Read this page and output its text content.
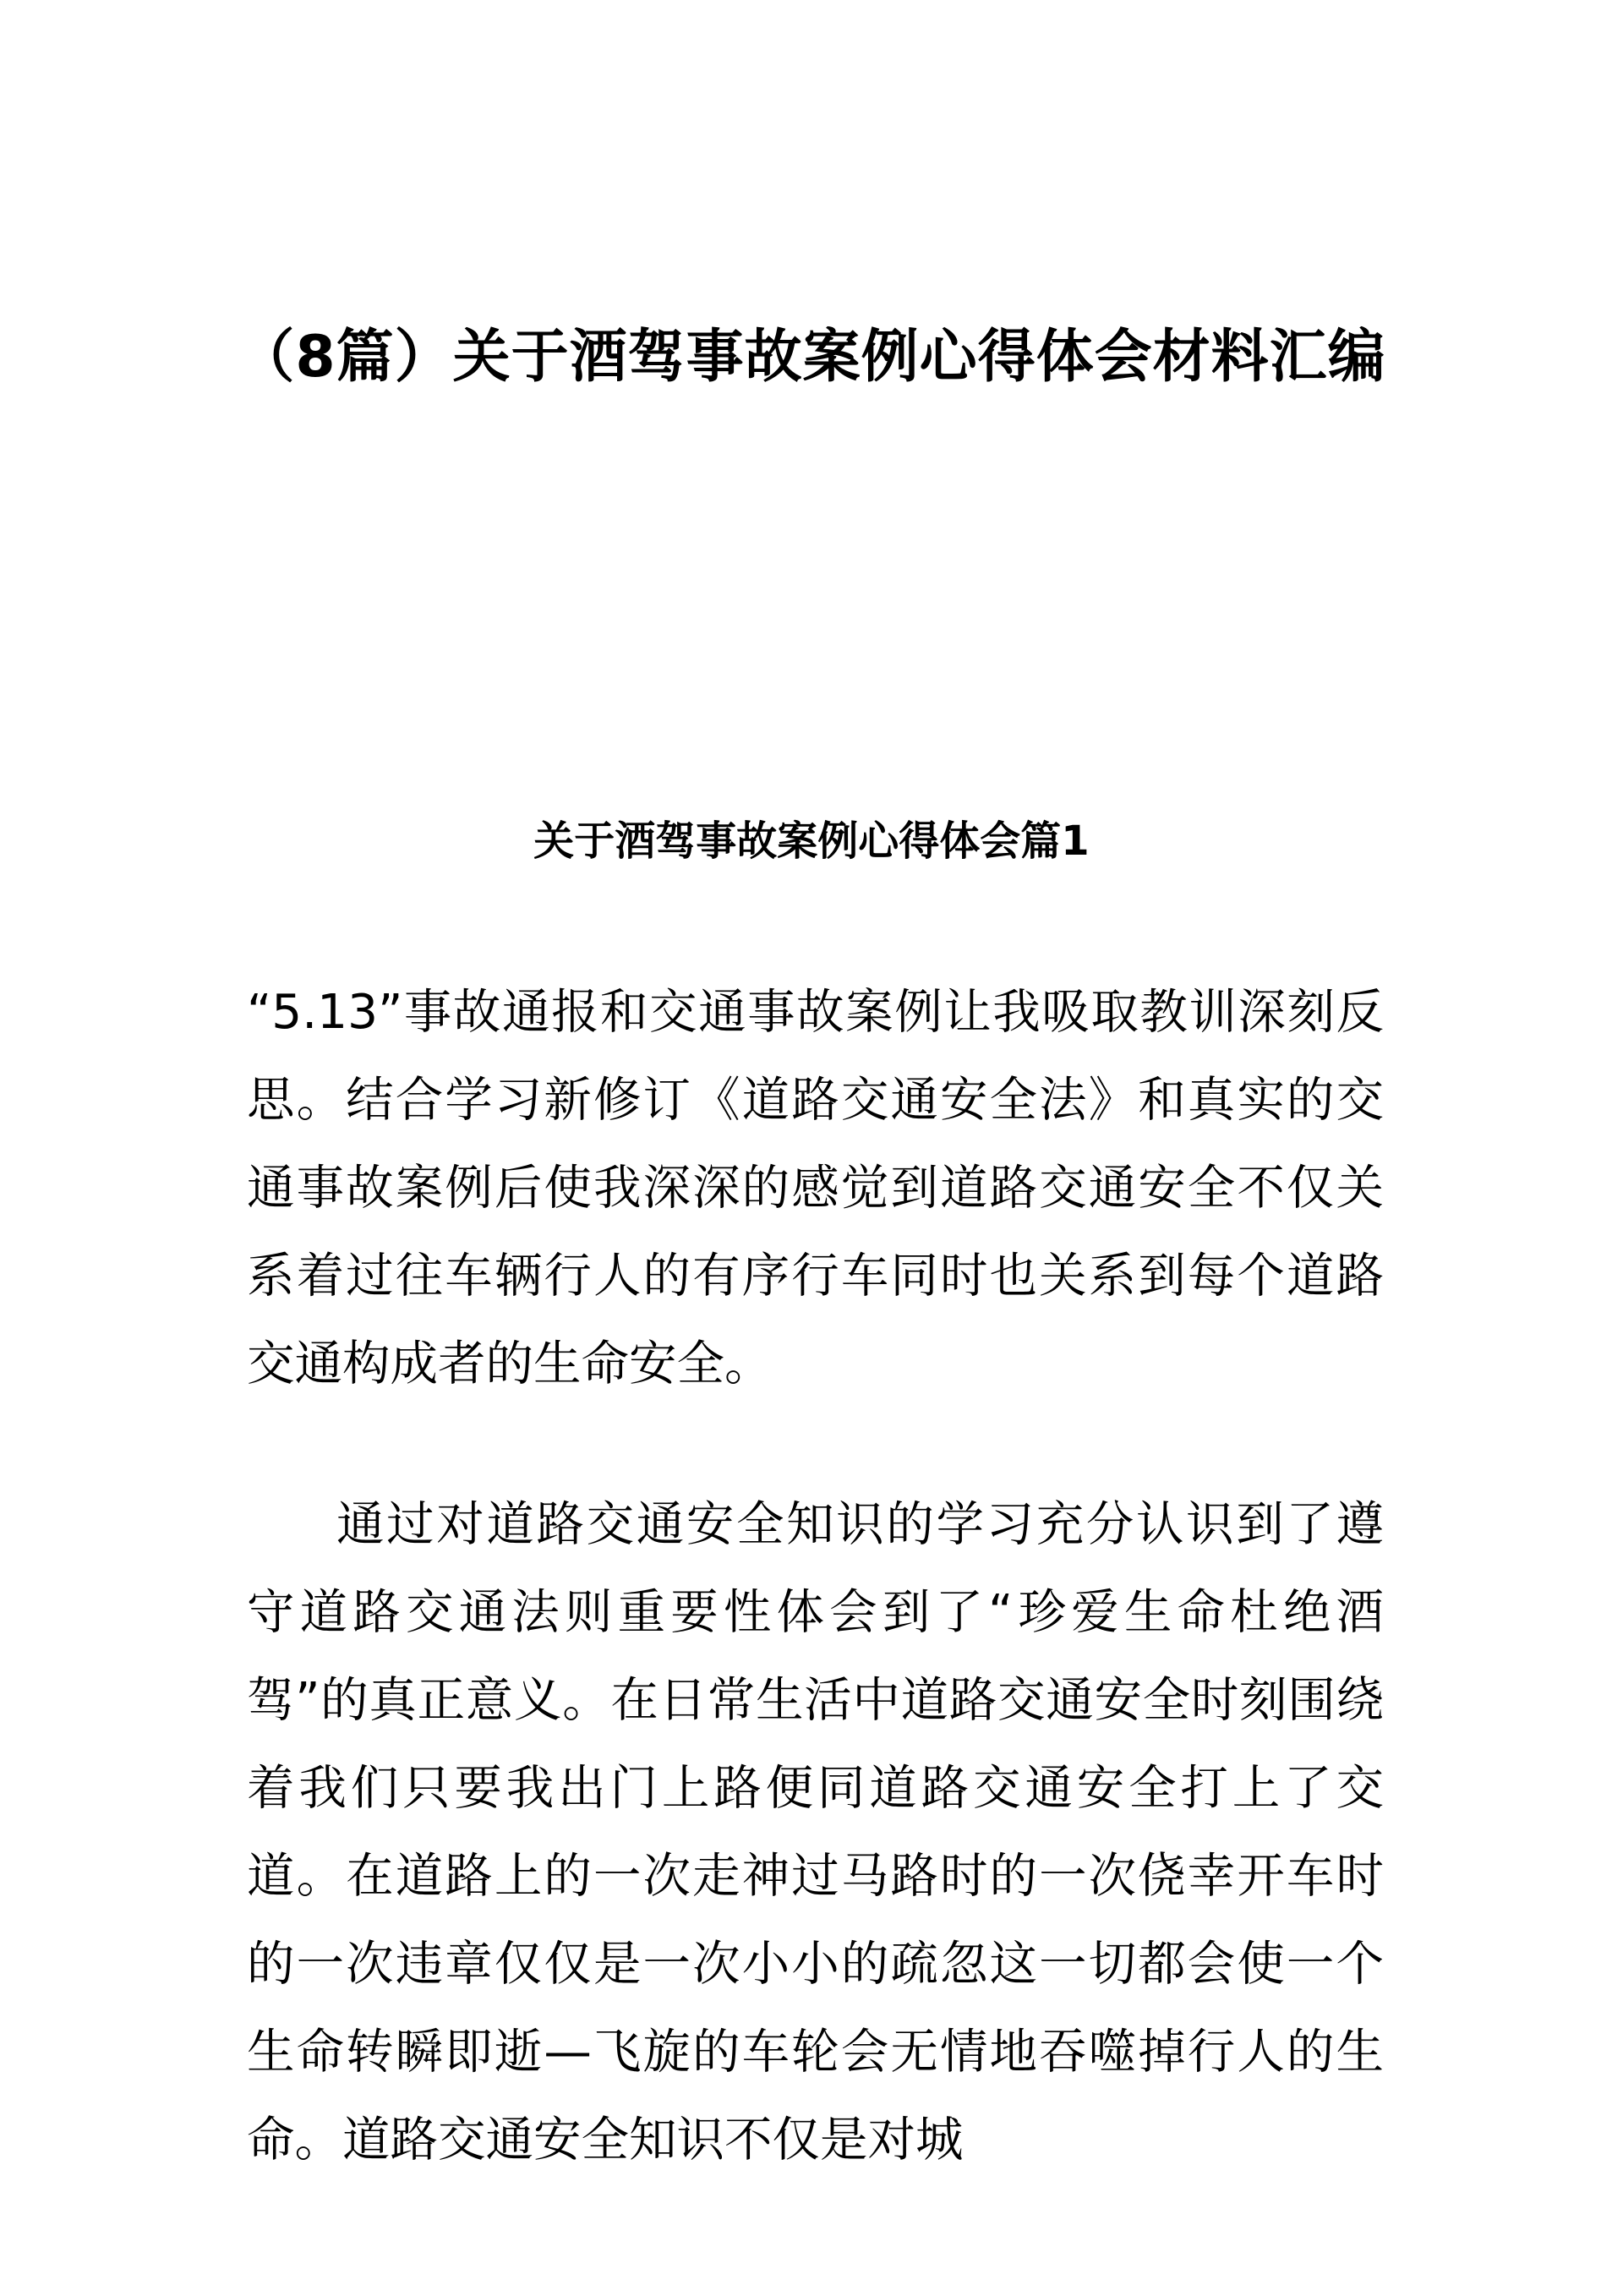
（8篇）关于酒驾事故案例心得体会材料汇编
关于酒驾事故案例心得体会篇1

“5.13”事故通报和交通事故案例让我吸取教训深刻反思。结合学习新修订《道路交通安全法》和真实的交通事故案例后使我深深的感觉到道路交通安全不仅关系着过往车辆行人的有序行车同时也关系到每个道路交通构成者的生命安全。

通过对道路交通安全知识的学习充分认识到了遵守道路交通法则重要性体会到了“珍爱生命杜绝酒驾”的真正意义。在日常生活中道路交通安全时刻围绕着我们只要我出门上路便同道路交通安全打上了交道。在道路上的一次走神过马路时的一次侥幸开车时的一次违章仅仅是一次小小的疏忽这一切都会使一个生命转瞬即逝—飞旋的车轮会无情地吞噬掉行人的生命。道路交通安全知识不仅是对城
